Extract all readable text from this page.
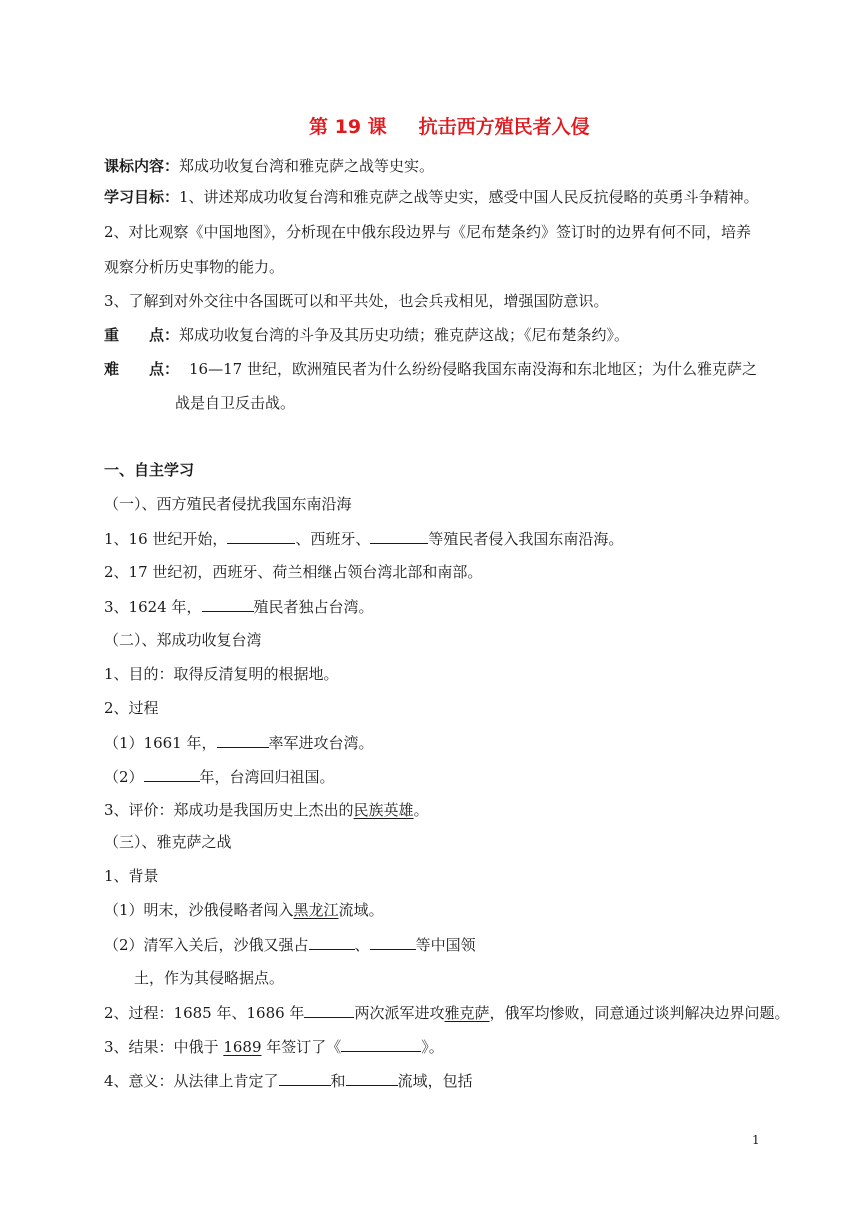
第 19 课 抗击西方殖民者入侵
课标内容：郑成功收复台湾和雅克萨之战等史实。
学习目标：1、讲述郑成功收复台湾和雅克萨之战等史实，感受中国人民反抗侵略的英勇斗争精神。
2、对比观察《中国地图》，分析现在中俄东段边界与《尼布楚条约》签订时的边界有何不同，培养
观察分析历史事物的能力。
3、了解到对外交往中各国既可以和平共处，也会兵戎相见，增强国防意识。
重　　点：郑成功收复台湾的斗争及其历史功绩；雅克萨这战；《尼布楚条约》。
难　　点： 16—17 世纪，欧洲殖民者为什么纷纷侵略我国东南没海和东北地区；为什么雅克萨之
战是自卫反击战。
一、自主学习
（一）、西方殖民者侵扰我国东南沿海
1、16 世纪开始，	、西班牙、	等殖民者侵入我国东南沿海。
2、17 世纪初，西班牙、荷兰相继占领台湾北部和南部。
3、1624 年，	殖民者独占台湾。
（二）、郑成功收复台湾
1、目的：取得反清复明的根据地。
2、过程
（1）1661 年，	率军进攻台湾。
（2）	年，台湾回归祖国。
3、评价：郑成功是我国历史上杰出的民族英雄。
（三）、雅克萨之战
1、背景
（1）明末，沙俄侵略者闯入黑龙江流域。
（2）清军入关后，沙俄又强占	、	等中国领
土，作为其侵略据点。
2、过程：1685 年、1686 年	两次派军进攻雅克萨，俄军均惨败，同意通过谈判解决边界问题。
3、结果：中俄于 1689 年签订了《	》。
4、意义：从法律上肯定了	和	流域，包括
1
